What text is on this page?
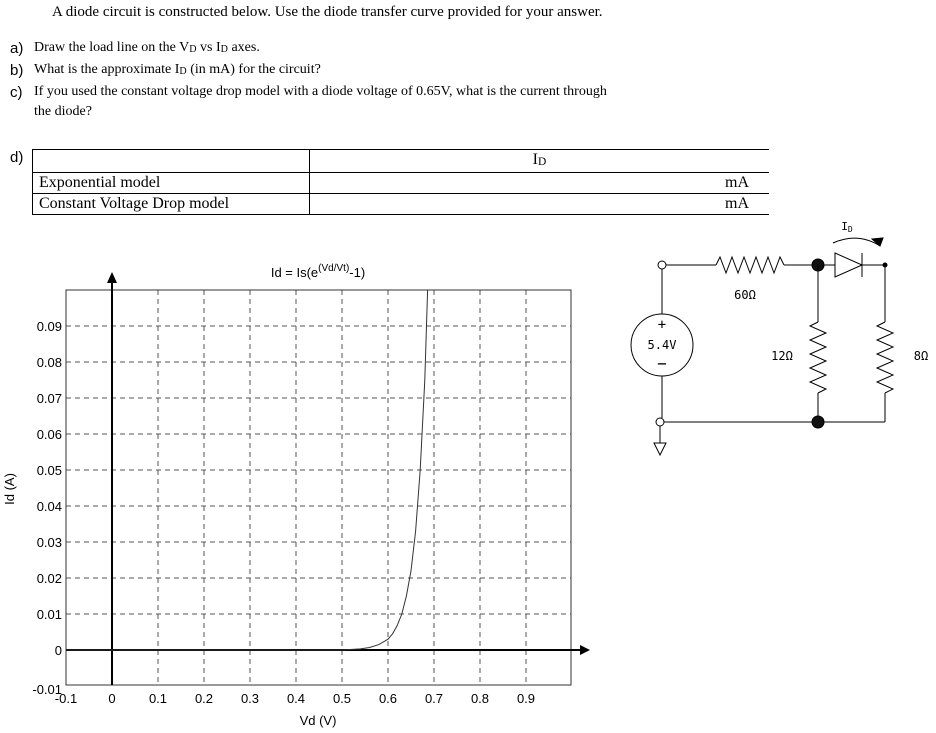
A diode circuit is constructed below. Use the diode transfer curve provided for your answer.
a) Draw the load line on the VD vs ID axes.
b) What is the approximate ID (in mA) for the circuit?
c) If you used the constant voltage drop model with a diode voltage of 0.65V, what is the current through
the diode?
d)
		ID
Exponential model	mA
Constant Voltage Drop model	mA
-0.1 0	0.1 0.2 0.3 0.4 0.5 0.6 0.7 0.8 0.9
-0.01
0
0.01
0.02
0.03
0.04
0.05
0.06
0.07
0.08
0.09
$Id = Is(e^{(Vd/Vt)}-1)$
Vd (V)
Id (A)
+
5.4V
−
60Ω
12Ω	8Ω
ID
